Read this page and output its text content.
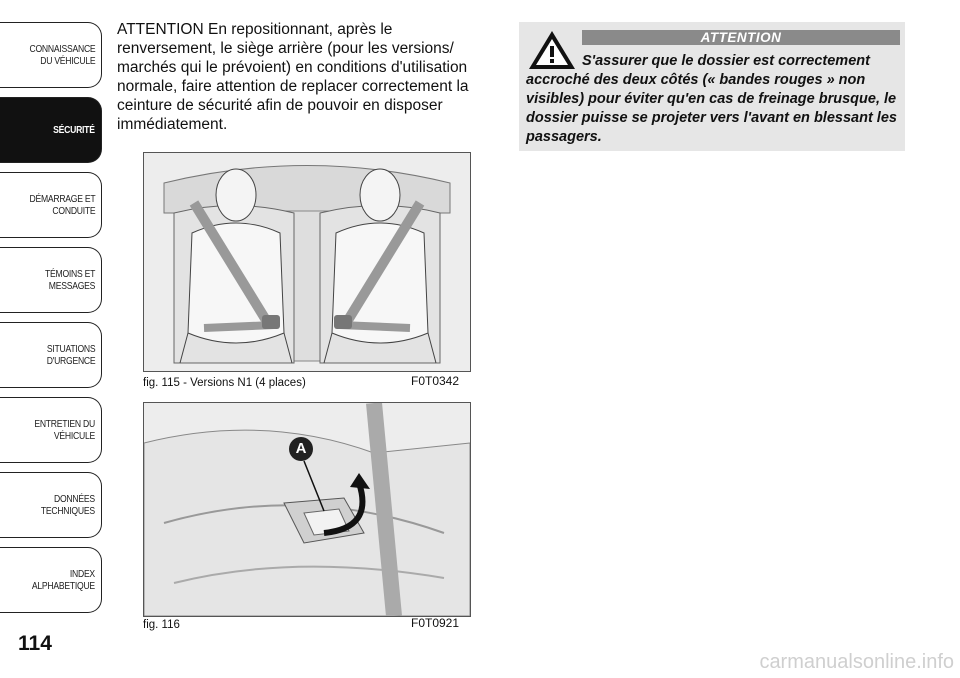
CONNAISSANCE
DU VÉHICULE
SÉCURITÉ
DÉMARRAGE ET
CONDUITE
TÉMOINS ET
MESSAGES
SITUATIONS
D'URGENCE
ENTRETIEN DU
VÉHICULE
DONNÉES
TECHNIQUES
INDEX
ALPHABETIQUE
114
ATTENTION En repositionnant, après le renversement, le siège arrière (pour les versions/ marchés qui le prévoient) en conditions d'utilisation normale, faire attention de replacer correctement la ceinture de sécurité afin de pouvoir en disposer immédiatement.
fig. 115 - Versions N1 (4 places)	F0T0342
A
fig. 116	F0T0921
ATTENTION
S'assurer que le dossier est correctement accroché des deux côtés (« bandes rouges » non visibles) pour éviter qu'en cas de freinage brusque, le dossier puisse se projeter vers l'avant en blessant les passagers.
carmanualsonline.info
